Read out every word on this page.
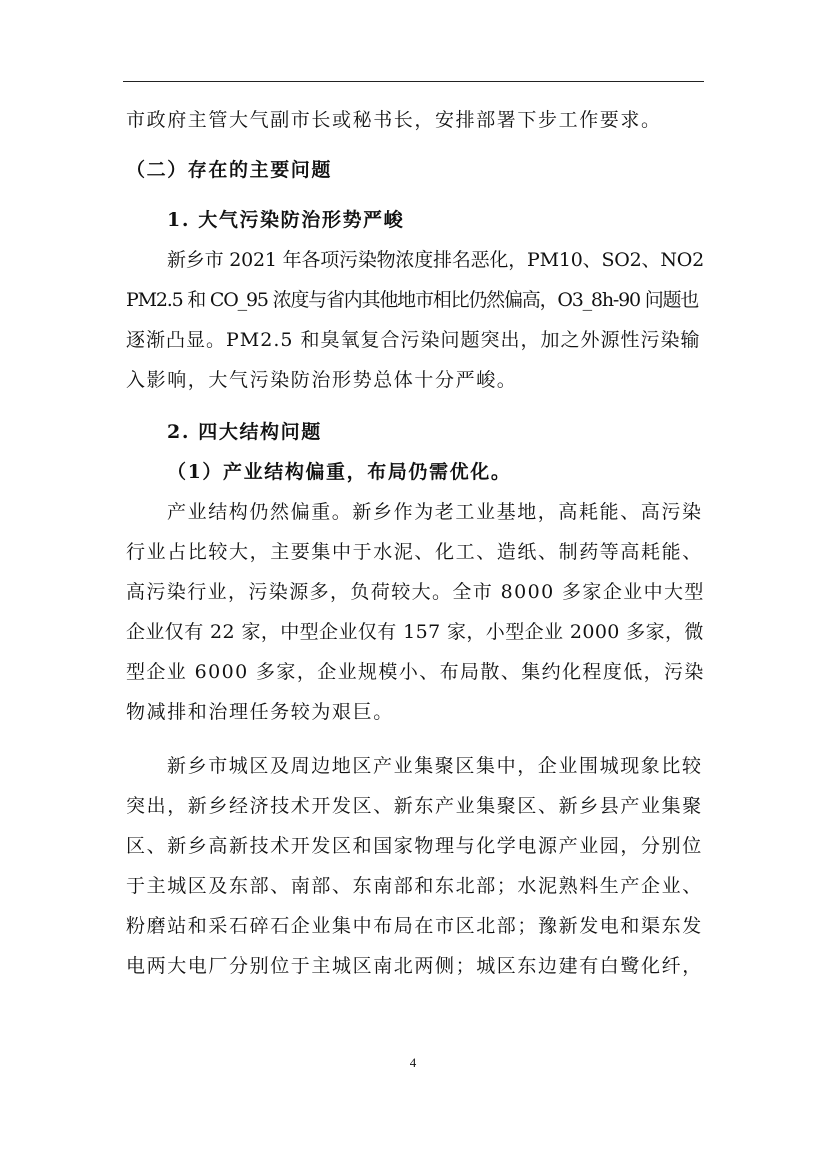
市政府主管大气副市长或秘书长，安排部署下步工作要求。
（二）存在的主要问题
1. 大气污染防治形势严峻
新乡市 2021 年各项污染物浓度排名恶化，PM10、SO2、NO2
PM2.5 和 CO_95 浓度与省内其他地市相比仍然偏高，O3_8h-90 问题也
逐渐凸显。PM2.5 和臭氧复合污染问题突出，加之外源性污染输
入影响，大气污染防治形势总体十分严峻。
2. 四大结构问题
（1）产业结构偏重，布局仍需优化。
产业结构仍然偏重。新乡作为老工业基地，高耗能、高污染
行业占比较大，主要集中于水泥、化工、造纸、制药等高耗能、
高污染行业，污染源多，负荷较大。全市 8000 多家企业中大型
企业仅有 22 家，中型企业仅有 157 家，小型企业 2000 多家，微
型企业 6000 多家，企业规模小、布局散、集约化程度低，污染
物减排和治理任务较为艰巨。
新乡市城区及周边地区产业集聚区集中，企业围城现象比较
突出，新乡经济技术开发区、新东产业集聚区、新乡县产业集聚
区、新乡高新技术开发区和国家物理与化学电源产业园，分别位
于主城区及东部、南部、东南部和东北部；水泥熟料生产企业、
粉磨站和采石碎石企业集中布局在市区北部；豫新发电和渠东发
电两大电厂分别位于主城区南北两侧；城区东边建有白鹭化纤，
4
